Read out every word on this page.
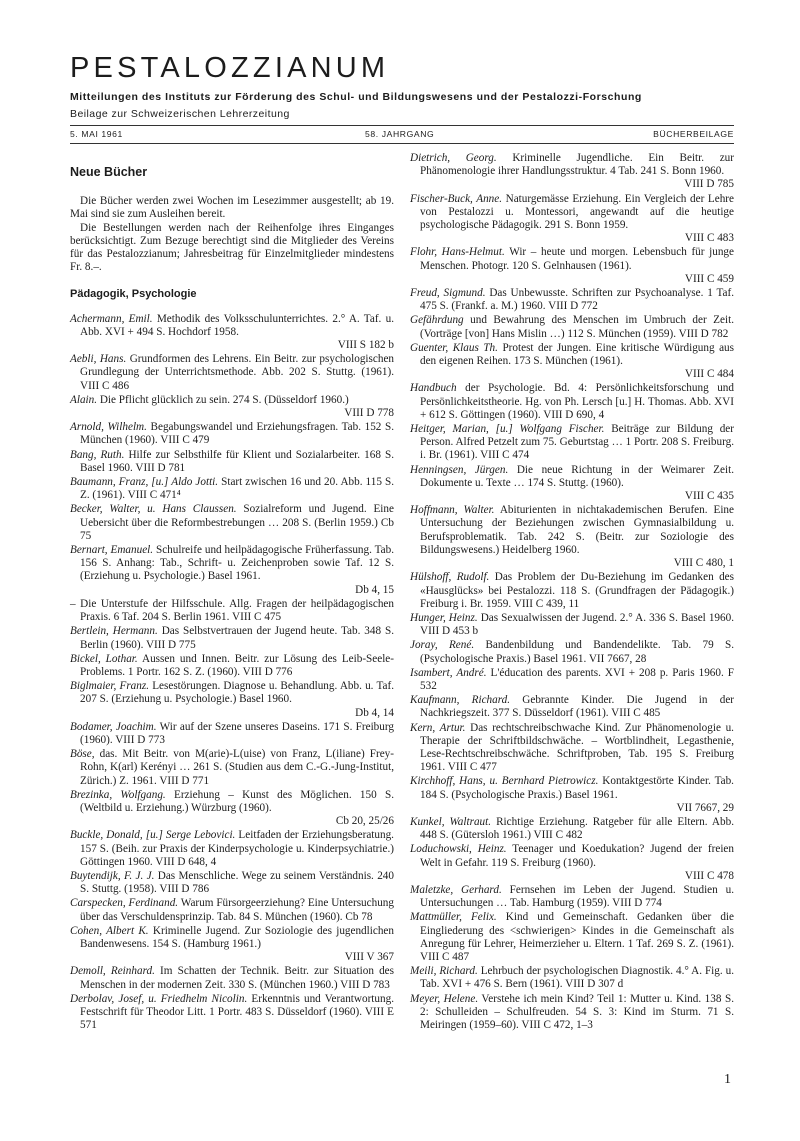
PESTALOZZIANUM
Mitteilungen des Instituts zur Förderung des Schul- und Bildungswesens und der Pestalozzi-Forschung
Beilage zur Schweizerischen Lehrerzeitung
5. MAI 1961	58. JAHRGANG	BÜCHERBEILAGE
Neue Bücher

Die Bücher werden zwei Wochen im Lesezimmer ausgestellt; ab 19. Mai sind sie zum Ausleihen bereit.

Die Bestellungen werden nach der Reihenfolge ihres Einganges berücksichtigt. Zum Bezuge berechtigt sind die Mitglieder des Vereins für das Pestalozzianum; Jahresbeitrag für Einzelmitglieder mindestens Fr. 8.–.

Pädagogik, Psychologie

Achermann, Emil. Methodik des Volksschulunterrichtes. 2.° A. Taf. u. Abb. XVI + 494 S. Hochdorf 1958.
VIII S 182 b

Aebli, Hans. Grundformen des Lehrens. Ein Beitr. zur psychologischen Grundlegung der Unterrichtsmethode. Abb. 202 S. Stuttg. (1961). VIII C 486

Alain. Die Pflicht glücklich zu sein. 274 S. (Düsseldorf 1960.)
VIII D 778

Arnold, Wilhelm. Begabungswandel und Erziehungsfragen. Tab. 152 S. München (1960). VIII C 479

Bang, Ruth. Hilfe zur Selbsthilfe für Klient und Sozialarbeiter. 168 S. Basel 1960. VIII D 781

Baumann, Franz, [u.] Aldo Jotti. Start zwischen 16 und 20. Abb. 115 S. Z. (1961). VIII C 471⁴

Becker, Walter, u. Hans Claussen. Sozialreform und Jugend. Eine Uebersicht über die Reformbestrebungen … 208 S. (Berlin 1959.) Cb 75

Bernart, Emanuel. Schulreife und heilpädagogische Früherfassung. Tab. 156 S. Anhang: Tab., Schrift- u. Zeichenproben sowie Taf. 12 S. (Erziehung u. Psychologie.) Basel 1961.
Db 4, 15

– Die Unterstufe der Hilfsschule. Allg. Fragen der heilpädagogischen Praxis. 6 Taf. 204 S. Berlin 1961. VIII C 475

Bertlein, Hermann. Das Selbstvertrauen der Jugend heute. Tab. 348 S. Berlin (1960). VIII D 775

Bickel, Lothar. Aussen und Innen. Beitr. zur Lösung des Leib-Seele-Problems. 1 Portr. 162 S. Z. (1960). VIII D 776

Biglmaier, Franz. Lesestörungen. Diagnose u. Behandlung. Abb. u. Taf. 207 S. (Erziehung u. Psychologie.) Basel 1960.
Db 4, 14

Bodamer, Joachim. Wir auf der Szene unseres Daseins. 171 S. Freiburg (1960). VIII D 773

Böse, das. Mit Beitr. von M(arie)-L(uise) von Franz, L(iliane) Frey-Rohn, K(arl) Kerényi … 261 S. (Studien aus dem C.-G.-Jung-Institut, Zürich.) Z. 1961. VIII D 771

Brezinka, Wolfgang. Erziehung – Kunst des Möglichen. 150 S. (Weltbild u. Erziehung.) Würzburg (1960).
Cb 20, 25/26

Buckle, Donald, [u.] Serge Lebovici. Leitfaden der Erziehungsberatung. 157 S. (Beih. zur Praxis der Kinderpsychologie u. Kinderpsychiatrie.) Göttingen 1960. VIII D 648, 4

Buytendijk, F. J. J. Das Menschliche. Wege zu seinem Verständnis. 240 S. Stuttg. (1958). VIII D 786

Carspecken, Ferdinand. Warum Fürsorgeerziehung? Eine Untersuchung über das Verschuldensprinzip. Tab. 84 S. München (1960). Cb 78

Cohen, Albert K. Kriminelle Jugend. Zur Soziologie des jugendlichen Bandenwesens. 154 S. (Hamburg 1961.)
VIII V 367

Demoll, Reinhard. Im Schatten der Technik. Beitr. zur Situation des Menschen in der modernen Zeit. 330 S. (München 1960.) VIII D 783

Derbolav, Josef, u. Friedhelm Nicolin. Erkenntnis und Verantwortung. Festschrift für Theodor Litt. 1 Portr. 483 S. Düsseldorf (1960). VIII E 571

Dietrich, Georg. Kriminelle Jugendliche. Ein Beitr. zur Phänomenologie ihrer Handlungsstruktur. 4 Tab. 241 S. Bonn 1960.
VIII D 785

Fischer-Buck, Anne. Naturgemässe Erziehung. Ein Vergleich der Lehre von Pestalozzi u. Montessori, angewandt auf die heutige psychologische Pädagogik. 291 S. Bonn 1959.
VIII C 483

Flohr, Hans-Helmut. Wir – heute und morgen. Lebensbuch für junge Menschen. Photogr. 120 S. Gelnhausen (1961).
VIII C 459

Freud, Sigmund. Das Unbewusste. Schriften zur Psychoanalyse. 1 Taf. 475 S. (Frankf. a. M.) 1960. VIII D 772

Gefährdung und Bewahrung des Menschen im Umbruch der Zeit. (Vorträge [von] Hans Mislin …) 112 S. München (1959). VIII D 782

Guenter, Klaus Th. Protest der Jungen. Eine kritische Würdigung aus den eigenen Reihen. 173 S. München (1961).
VIII C 484

Handbuch der Psychologie. Bd. 4: Persönlichkeitsforschung und Persönlichkeitstheorie. Hg. von Ph. Lersch [u.] H. Thomas. Abb. XVI + 612 S. Göttingen (1960). VIII D 690, 4

Heitger, Marian, [u.] Wolfgang Fischer. Beiträge zur Bildung der Person. Alfred Petzelt zum 75. Geburtstag … 1 Portr. 208 S. Freiburg. i. Br. (1961). VIII C 474

Henningsen, Jürgen. Die neue Richtung in der Weimarer Zeit. Dokumente u. Texte … 174 S. Stuttg. (1960).
VIII C 435

Hoffmann, Walter. Abiturienten in nichtakademischen Berufen. Eine Untersuchung der Beziehungen zwischen Gymnasialbildung u. Berufsproblematik. Tab. 242 S. (Beitr. zur Soziologie des Bildungswesens.) Heidelberg 1960.
VIII C 480, 1

Hülshoff, Rudolf. Das Problem der Du-Beziehung im Gedanken des «Hausglücks» bei Pestalozzi. 118 S. (Grundfragen der Pädagogik.) Freiburg i. Br. 1959. VIII C 439, 11

Hunger, Heinz. Das Sexualwissen der Jugend. 2.° A. 336 S. Basel 1960. VIII D 453 b

Joray, René. Bandenbildung und Bandendelikte. Tab. 79 S. (Psychologische Praxis.) Basel 1961. VII 7667, 28

Isambert, André. L'éducation des parents. XVI + 208 p. Paris 1960. F 532

Kaufmann, Richard. Gebrannte Kinder. Die Jugend in der Nachkriegszeit. 377 S. Düsseldorf (1961). VIII C 485

Kern, Artur. Das rechtschreibschwache Kind. Zur Phänomenologie u. Therapie der Schriftbildschwäche. – Wortblindheit, Legasthenie, Lese-Rechtschreibschwäche. Schriftproben, Tab. 195 S. Freiburg 1961. VIII C 477

Kirchhoff, Hans, u. Bernhard Pietrowicz. Kontaktgestörte Kinder. Tab. 184 S. (Psychologische Praxis.) Basel 1961.
VII 7667, 29

Kunkel, Waltraut. Richtige Erziehung. Ratgeber für alle Eltern. Abb. 448 S. (Gütersloh 1961.) VIII C 482

Loduchowski, Heinz. Teenager und Koedukation? Jugend der freien Welt in Gefahr. 119 S. Freiburg (1960).
VIII C 478

Maletzke, Gerhard. Fernsehen im Leben der Jugend. Studien u. Untersuchungen … Tab. Hamburg (1959). VIII D 774

Mattmüller, Felix. Kind und Gemeinschaft. Gedanken über die Eingliederung des <schwierigen> Kindes in die Gemeinschaft als Anregung für Lehrer, Heimerzieher u. Eltern. 1 Taf. 269 S. Z. (1961). VIII C 487

Meili, Richard. Lehrbuch der psychologischen Diagnostik. 4.° A. Fig. u. Tab. XVI + 476 S. Bern (1961). VIII D 307 d

Meyer, Helene. Verstehe ich mein Kind? Teil 1: Mutter u. Kind. 138 S. 2: Schulleiden – Schulfreuden. 54 S. 3: Kind im Sturm. 71 S. Meiringen (1959–60). VIII C 472, 1–3

1
